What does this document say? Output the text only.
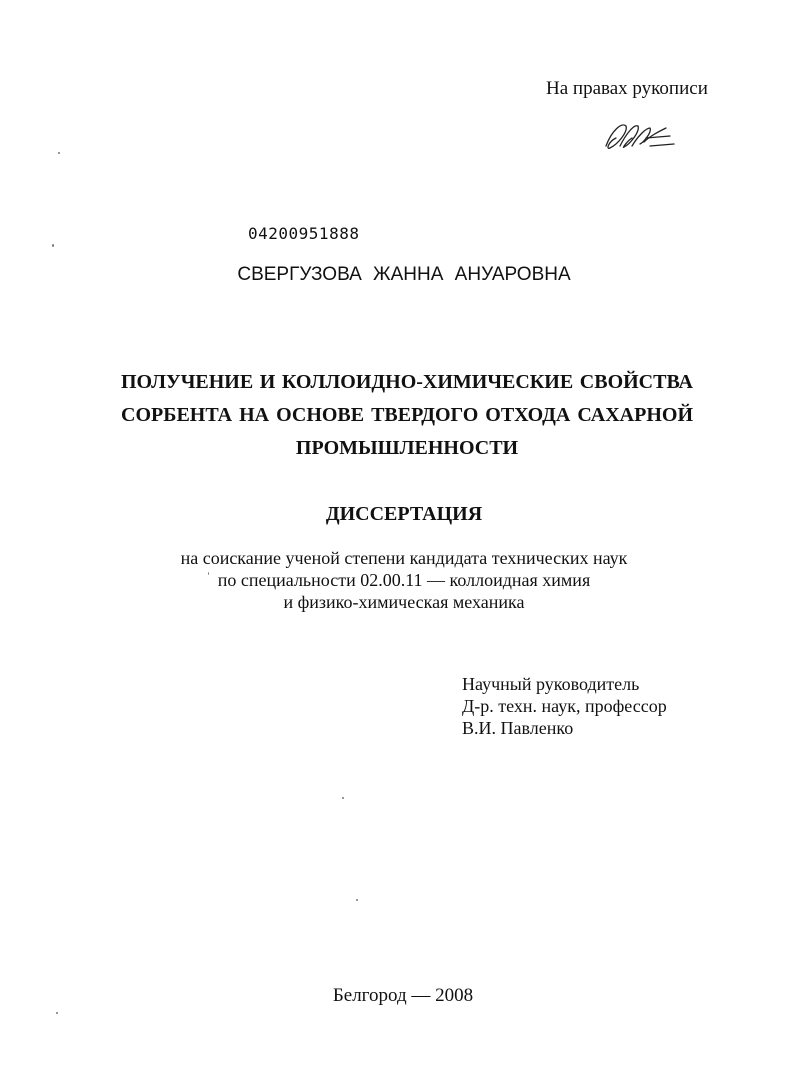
На правах рукописи
04200951888
СВЕРГУЗОВА ЖАННА АНУАРОВНА
ПОЛУЧЕНИЕ И КОЛЛОИДНО-ХИМИЧЕСКИЕ СВОЙСТВА
СОРБЕНТА НА ОСНОВЕ ТВЕРДОГО ОТХОДА САХАРНОЙ
ПРОМЫШЛЕННОСТИ
ДИССЕРТАЦИЯ
на соискание ученой степени кандидата технических наук
по специальности 02.00.11 — коллоидная химия
и физико-химическая механика
Научный руководитель
Д-р. техн. наук, профессор
В.И. Павленко
Белгород — 2008
